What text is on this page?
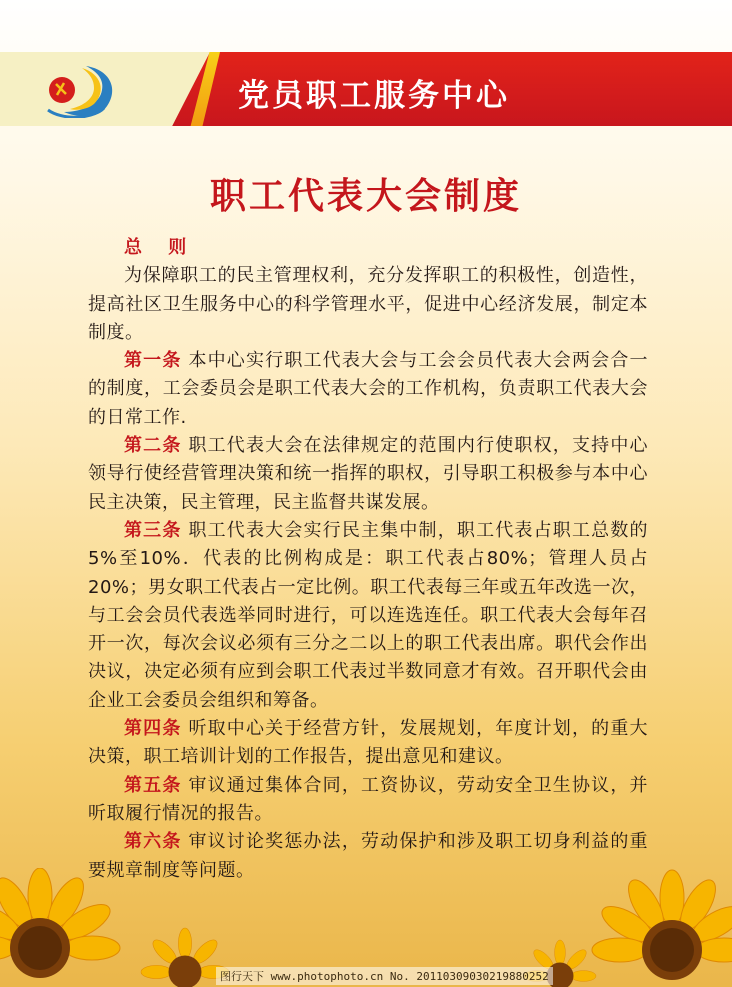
党员职工服务中心
职工代表大会制度
总 则

为保障职工的民主管理权利，充分发挥职工的积极性，创造性，提高社区卫生服务中心的科学管理水平，促进中心经济发展，制定本制度。

第一条 本中心实行职工代表大会与工会会员代表大会两会合一的制度，工会委员会是职工代表大会的工作机构，负责职工代表大会的日常工作.

第二条 职工代表大会在法律规定的范围内行使职权，支持中心领导行使经营管理决策和统一指挥的职权，引导职工积极参与本中心民主决策，民主管理，民主监督共谋发展。

第三条 职工代表大会实行民主集中制，职工代表占职工总数的5%至10%．代表的比例构成是：职工代表占80%；管理人员占20%；男女职工代表占一定比例。职工代表每三年或五年改选一次，与工会会员代表选举同时进行，可以连选连任。职工代表大会每年召开一次，每次会议必须有三分之二以上的职工代表出席。职代会作出决议，决定必须有应到会职工代表过半数同意才有效。召开职代会由企业工会委员会组织和筹备。

第四条 听取中心关于经营方针，发展规划，年度计划，的重大决策，职工培训计划的工作报告，提出意见和建议。

第五条 审议通过集体合同，工资协议，劳动安全卫生协议，并听取履行情况的报告。

第六条 审议讨论奖惩办法，劳动保护和涉及职工切身利益的重要规章制度等问题。

图行天下 www.photophoto.cn No. 20110309030219880252
